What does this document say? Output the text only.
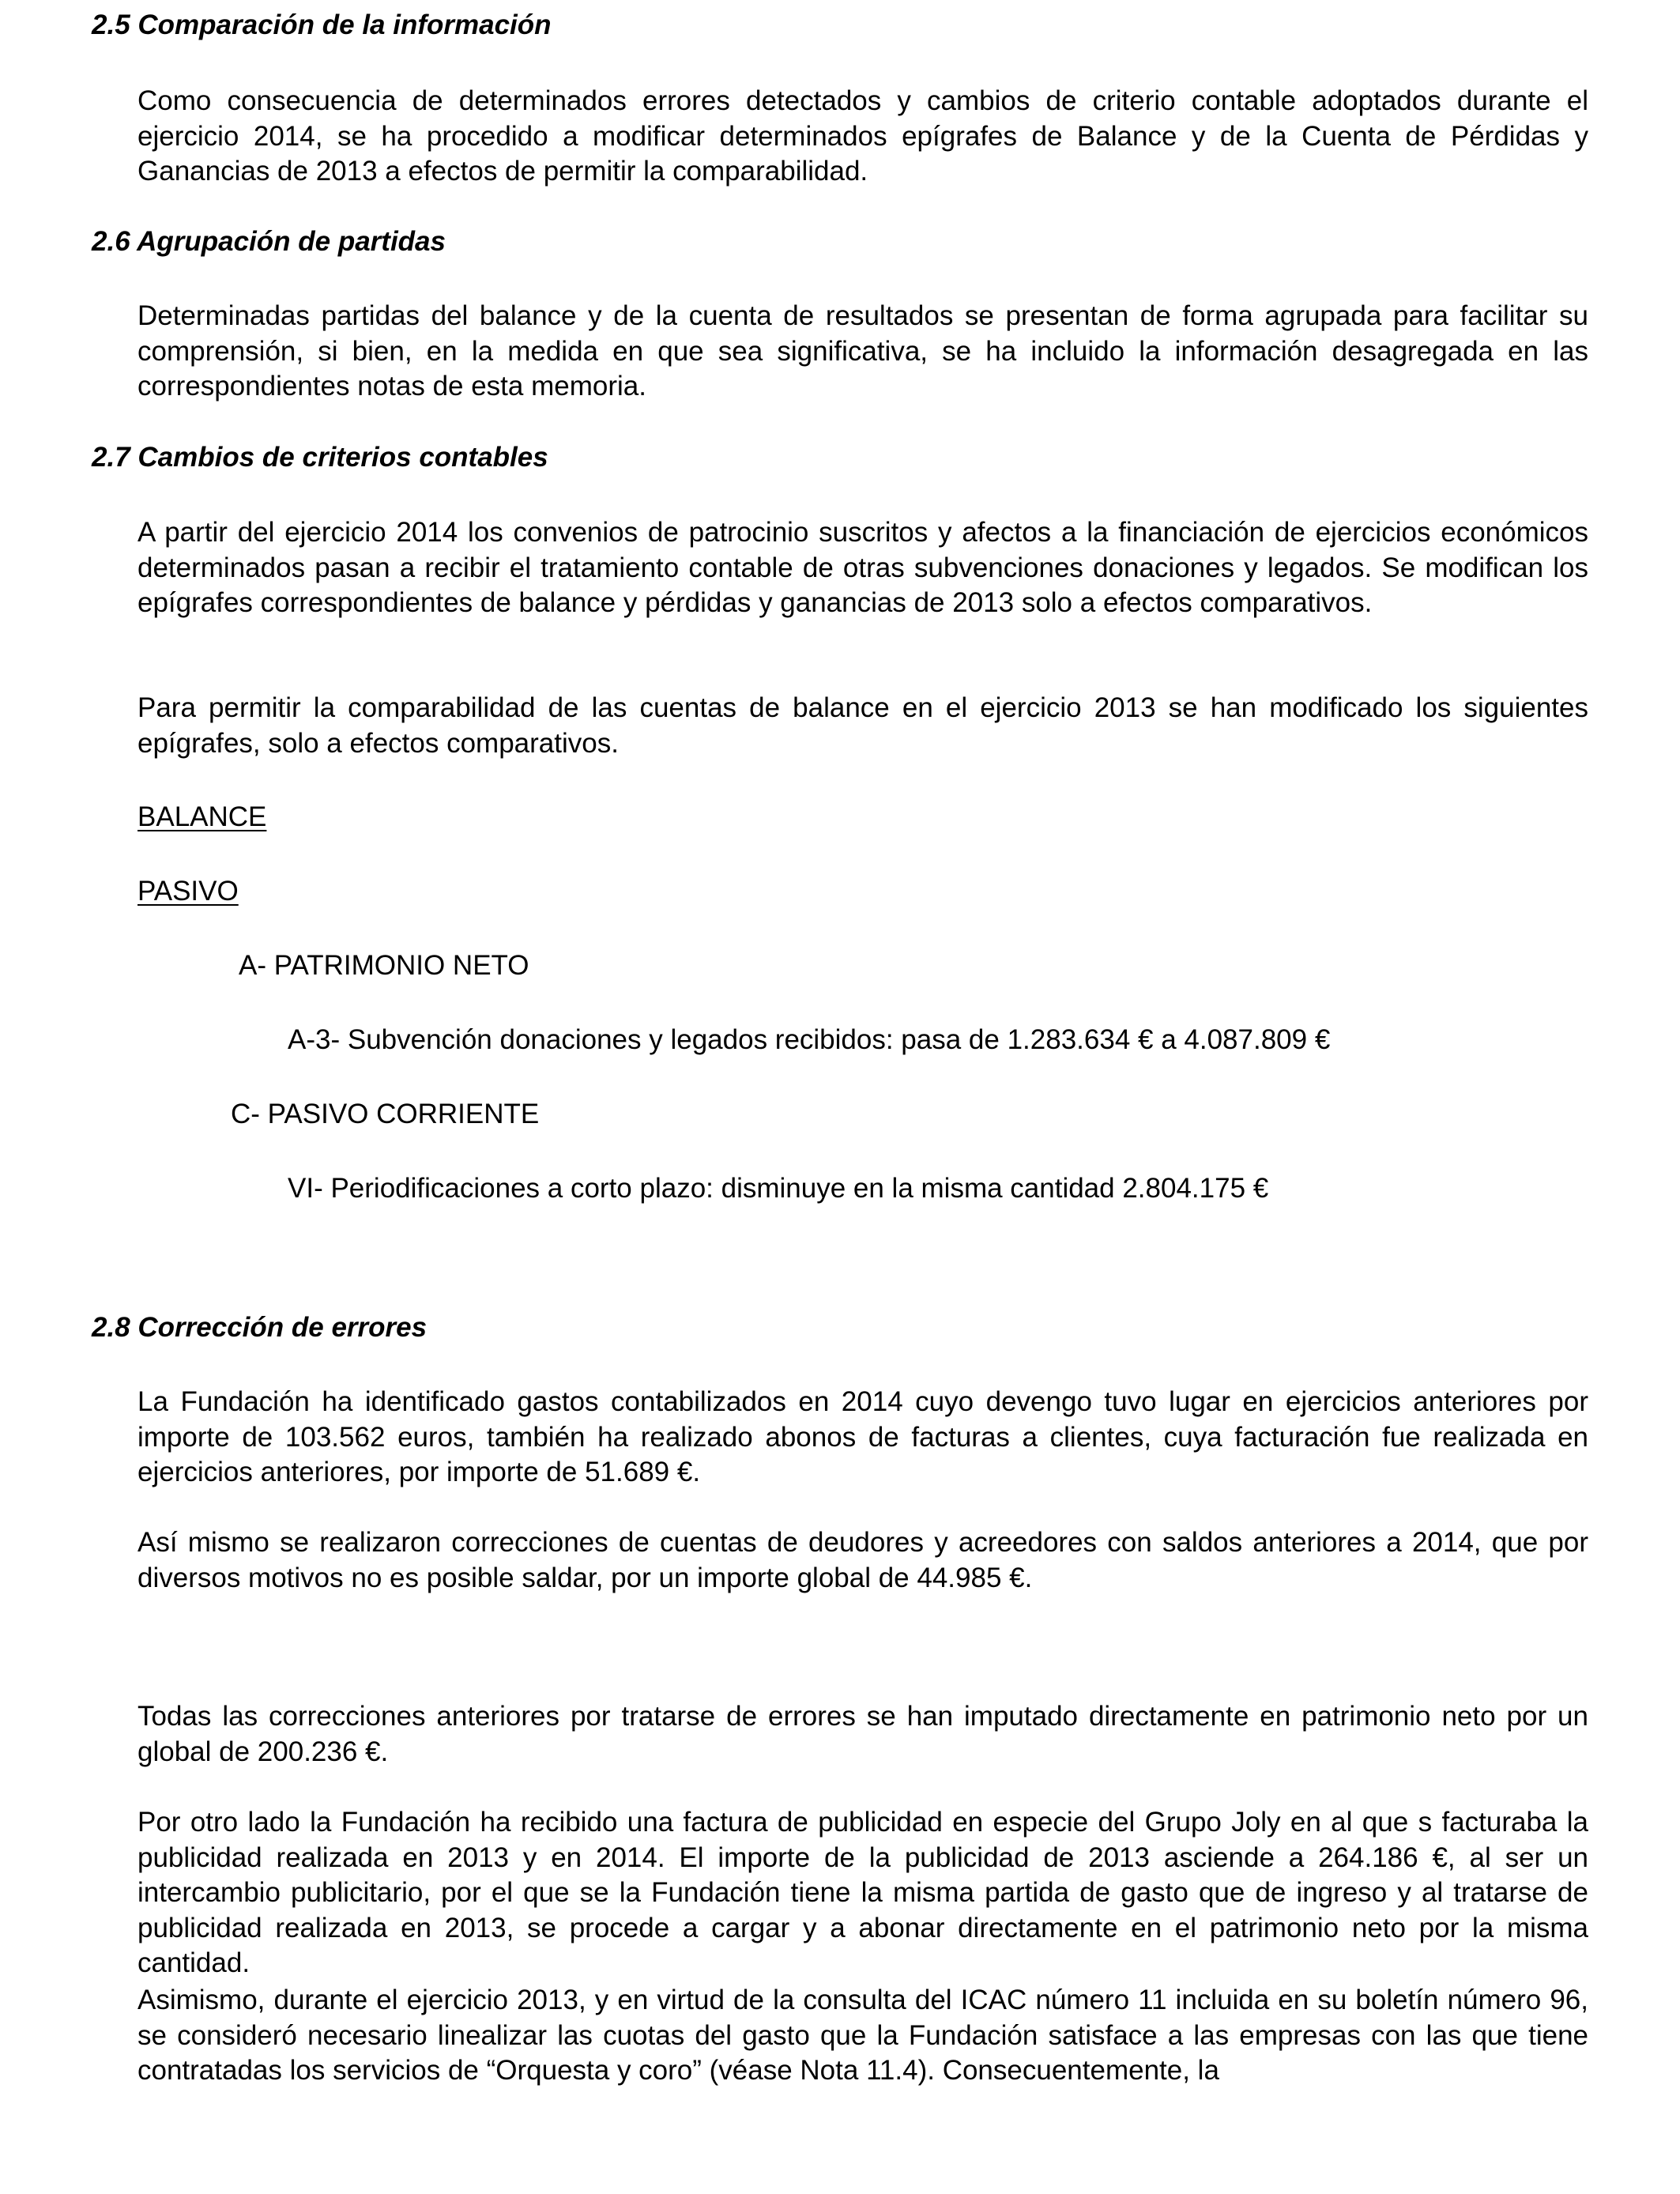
2.5 Comparación de la información
Como consecuencia de determinados errores detectados y cambios de criterio contable adoptados durante el ejercicio 2014, se ha procedido a modificar determinados epígrafes de Balance y de la Cuenta de Pérdidas y Ganancias de 2013 a efectos de permitir la comparabilidad.
2.6 Agrupación de partidas
Determinadas partidas del balance y de la cuenta de resultados se presentan de forma agrupada para facilitar su comprensión, si bien, en la medida en que sea significativa, se ha incluido la información desagregada en las correspondientes notas de esta memoria.
2.7 Cambios de criterios contables
A partir del ejercicio 2014 los convenios de patrocinio suscritos y afectos a la financiación de ejercicios económicos determinados pasan a recibir el tratamiento contable de otras subvenciones donaciones y legados. Se modifican los epígrafes correspondientes de balance y pérdidas y ganancias de 2013 solo a efectos comparativos.
Para permitir la comparabilidad de las cuentas de balance en el ejercicio 2013 se han modificado los siguientes epígrafes, solo a efectos comparativos.
BALANCE
PASIVO
A- PATRIMONIO NETO
A-3- Subvención donaciones y legados recibidos: pasa de 1.283.634 € a 4.087.809 €
C- PASIVO CORRIENTE
VI- Periodificaciones a corto plazo: disminuye en la misma cantidad 2.804.175 €
2.8 Corrección de errores
La Fundación ha identificado gastos contabilizados en 2014 cuyo devengo tuvo lugar en ejercicios anteriores por importe de 103.562 euros, también ha realizado abonos de facturas a clientes, cuya facturación fue realizada en ejercicios anteriores, por importe de 51.689 €.
Así mismo se realizaron correcciones de cuentas de deudores y acreedores con saldos anteriores a 2014, que por diversos motivos no es posible saldar, por un importe global de 44.985 €.
Todas las correcciones anteriores por tratarse de errores se han imputado directamente en patrimonio neto por un global de 200.236 €.
Por otro lado la Fundación ha recibido una factura de publicidad en especie del Grupo Joly en al que s facturaba la publicidad realizada en 2013 y en 2014. El importe de la publicidad de 2013 asciende a 264.186 €, al ser un intercambio publicitario, por el que se la Fundación tiene la misma partida de gasto que de ingreso y al tratarse de publicidad realizada en 2013, se procede a cargar y a abonar directamente en el patrimonio neto por la misma cantidad.
Asimismo, durante el ejercicio 2013, y en virtud de la consulta del ICAC número 11 incluida en su boletín número 96, se consideró necesario linealizar las cuotas del gasto que la Fundación satisface a las empresas con las que tiene contratadas los servicios de “Orquesta y coro” (véase Nota 11.4). Consecuentemente, la
